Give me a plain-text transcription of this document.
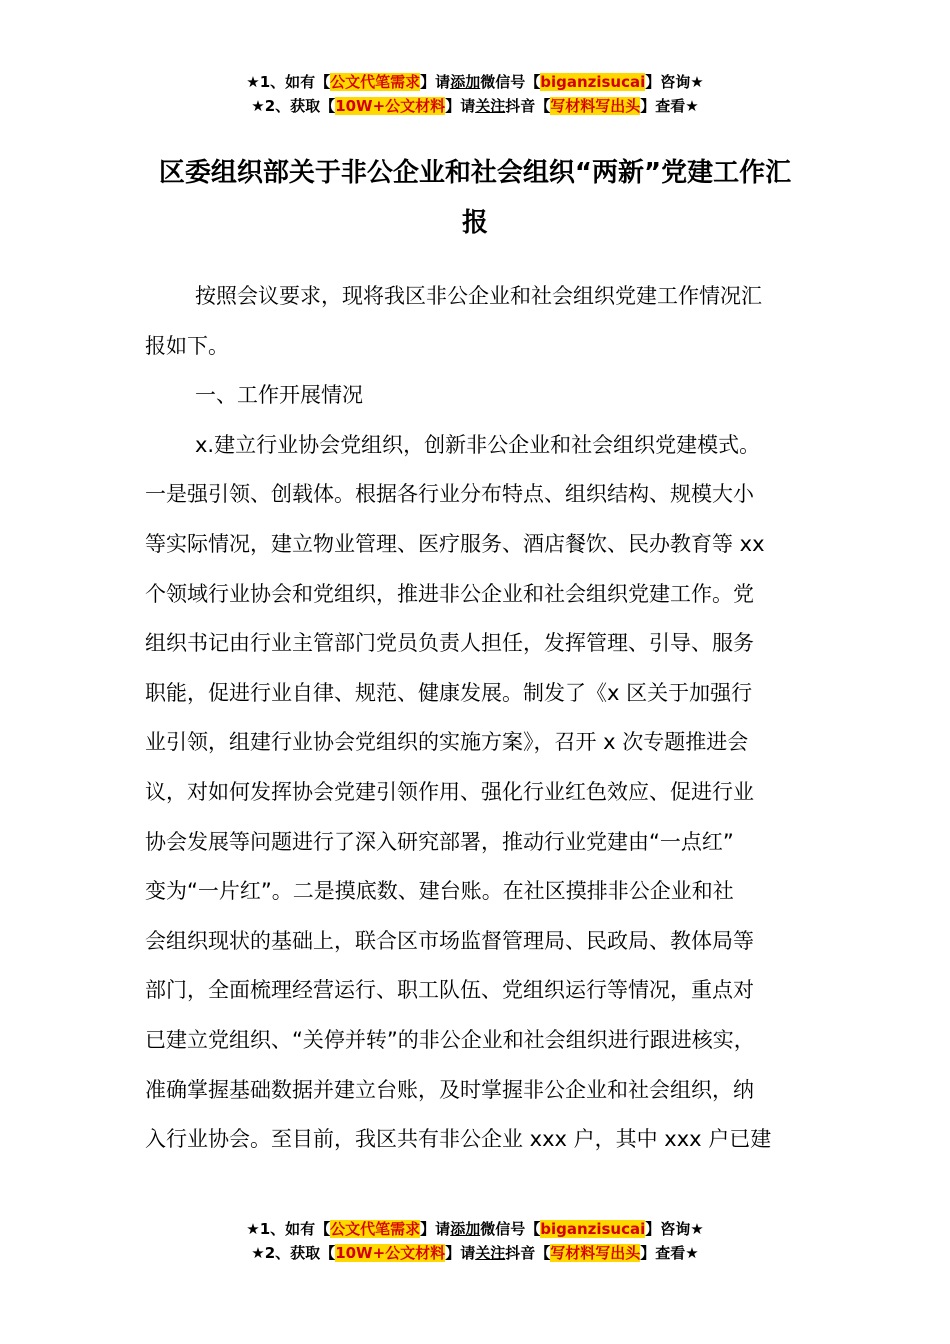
★1、如有【公文代笔需求】请添加微信号【biganzisucai】咨询★
★2、获取【10W+公文材料】请关注抖音【写材料写出头】查看★
区委组织部关于非公企业和社会组织“两新”党建工作汇
报
按照会议要求，现将我区非公企业和社会组织党建工作情况汇
报如下。
一、工作开展情况
x.建立行业协会党组织，创新非公企业和社会组织党建模式。
一是强引领、创载体。根据各行业分布特点、组织结构、规模大小
等实际情况，建立物业管理、医疗服务、酒店餐饮、民办教育等 xx
个领域行业协会和党组织，推进非公企业和社会组织党建工作。党
组织书记由行业主管部门党员负责人担任，发挥管理、引导、服务
职能，促进行业自律、规范、健康发展。制发了《x 区关于加强行
业引领，组建行业协会党组织的实施方案》，召开 x 次专题推进会
议，对如何发挥协会党建引领作用、强化行业红色效应、促进行业
协会发展等问题进行了深入研究部署，推动行业党建由“一点红”
变为“一片红”。二是摸底数、建台账。在社区摸排非公企业和社
会组织现状的基础上，联合区市场监督管理局、民政局、教体局等
部门，全面梳理经营运行、职工队伍、党组织运行等情况，重点对
已建立党组织、“关停并转”的非公企业和社会组织进行跟进核实，
准确掌握基础数据并建立台账，及时掌握非公企业和社会组织，纳
入行业协会。至目前，我区共有非公企业 xxx 户，其中 xxx 户已建
★1、如有【公文代笔需求】请添加微信号【biganzisucai】咨询★
★2、获取【10W+公文材料】请关注抖音【写材料写出头】查看★
